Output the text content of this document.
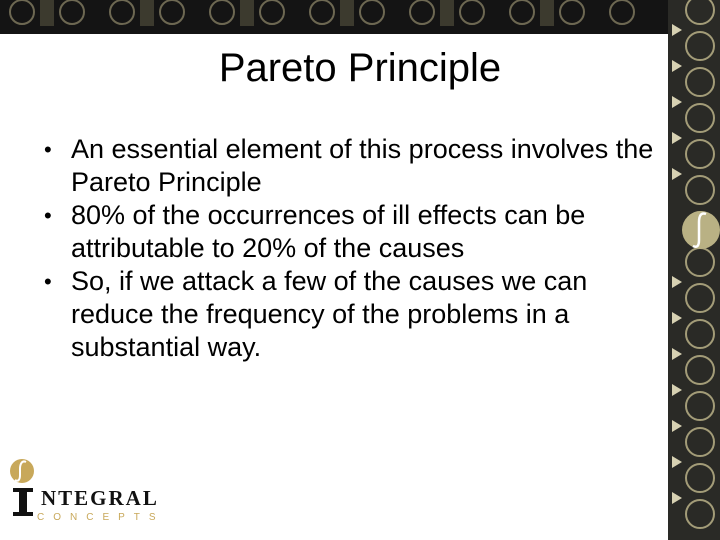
Pareto Principle
• An essential element of this process involves the Pareto Principle
• 80% of the occurrences of ill effects can be attributable to 20% of the causes
• So, if we attack a few of the causes we can reduce the frequency of the problems in a substantial way.
NTEGRAL
CONCEPTS
